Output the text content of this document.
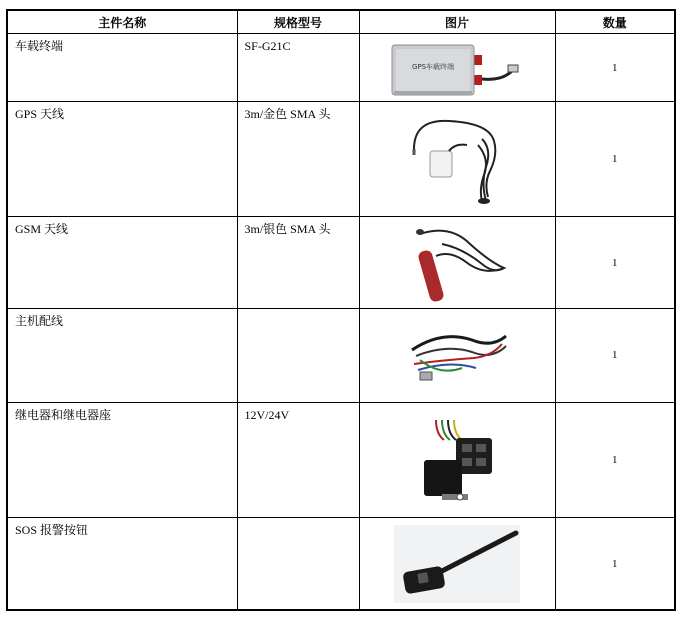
主件名称	规格型号	图片	数量
车载终端	SF-G21C	GPS车载终端	1
GPS 天线	3m/金色 SMA 头		1
GSM 天线	3m/银色 SMA 头		1
主机配线			1
继电器和继电器座	12V/24V		1
SOS 报警按钮			1
